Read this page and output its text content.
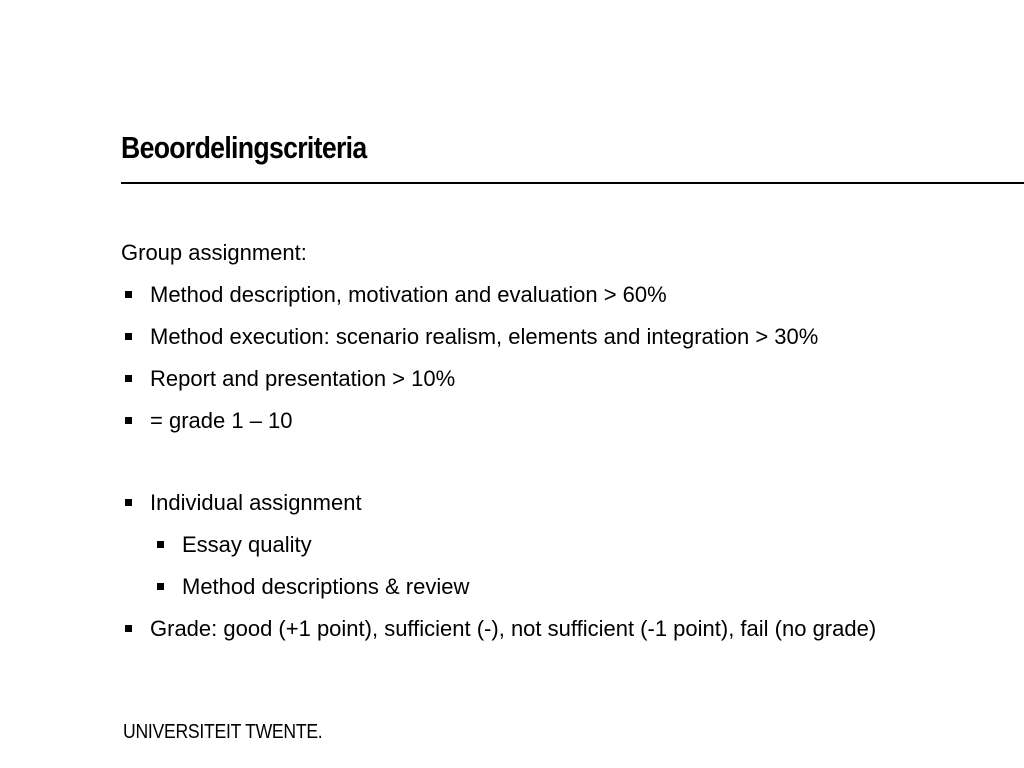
Beoordelingscriteria

Group assignment:

Method description, motivation and evaluation > 60%

Method execution: scenario realism, elements and integration > 30%

Report and presentation > 10%

= grade 1 – 10

Individual assignment

Essay quality

Method descriptions & review

Grade: good (+1 point), sufficient (-), not sufficient (-1 point), fail (no grade)

UNIVERSITEIT TWENTE.
